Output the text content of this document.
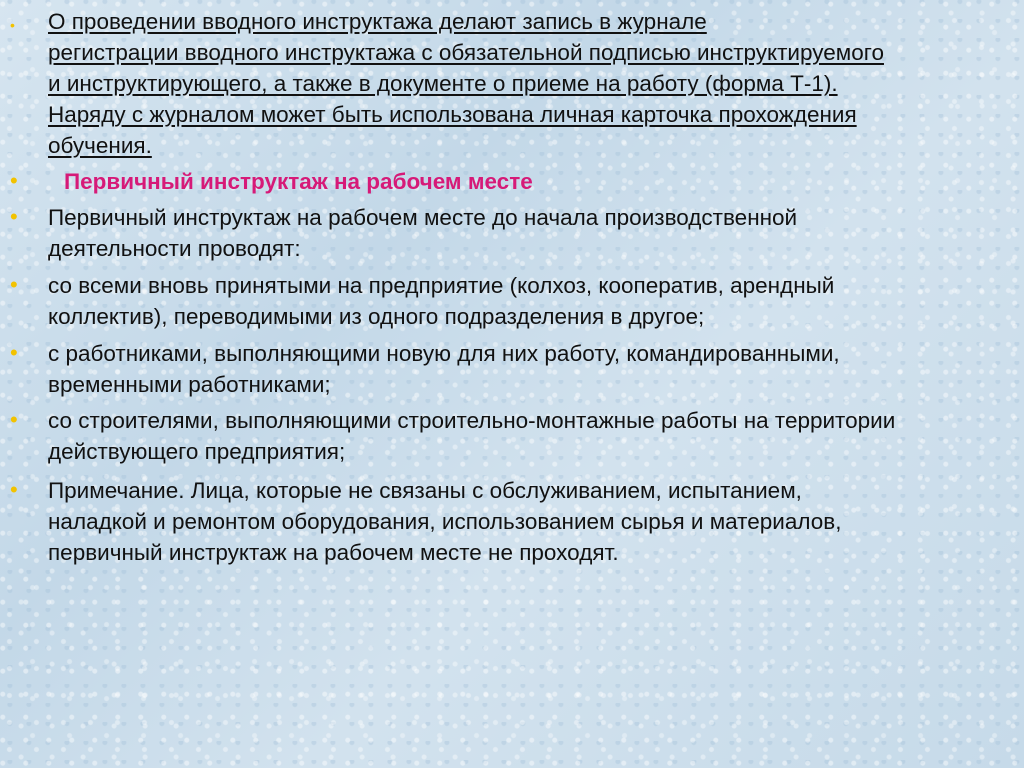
• О проведении вводного инструктажа делают запись в журнале
регистрации вводного инструктажа с обязательной подписью инструктируемого
и инструктирующего, а также в документе о приеме на работу (форма Т-1).
Наряду с журналом может быть использована личная карточка прохождения
обучения.
• Первичный инструктаж на рабочем месте
• Первичный инструктаж на рабочем месте до начала производственной
деятельности проводят:
• со всеми вновь принятыми на предприятие (колхоз, кооператив, арендный
коллектив), переводимыми из одного подразделения в другое;
• с работниками, выполняющими новую для них работу, командированными,
временными работниками;
• со строителями, выполняющими строительно-монтажные работы на территории
действующего предприятия;
• Примечание. Лица, которые не связаны с обслуживанием, испытанием,
наладкой и ремонтом оборудования, использованием сырья и материалов,
первичный инструктаж на рабочем месте не проходят.
